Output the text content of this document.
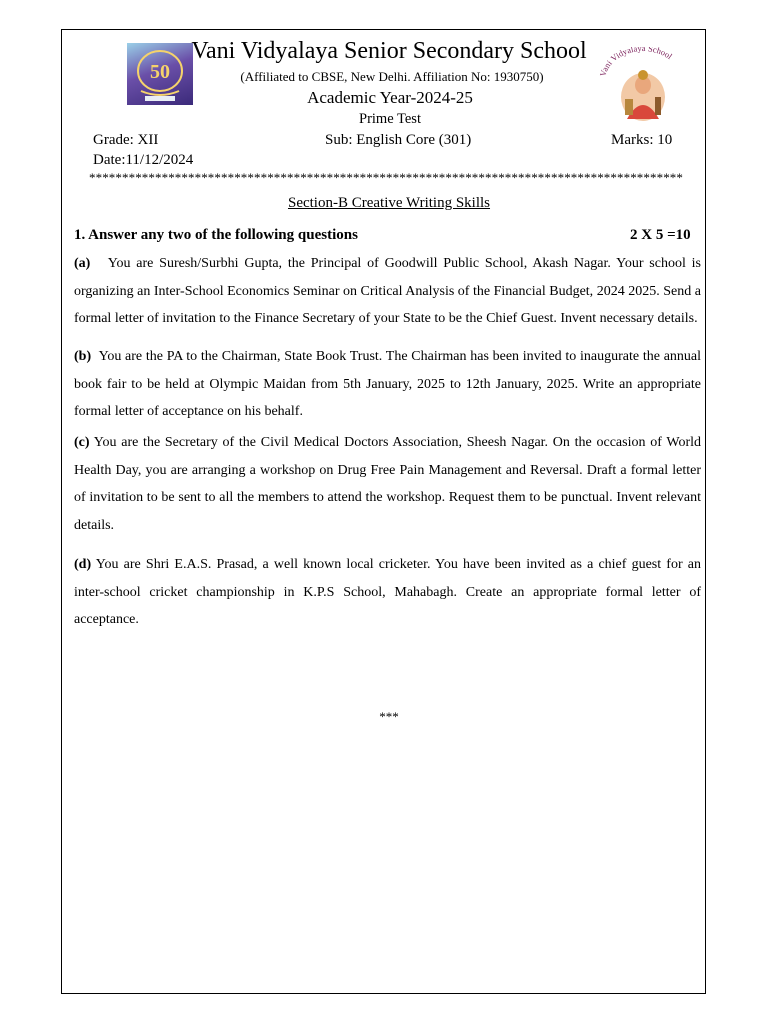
50	Vani Vidyalaya School
Vani Vidyalaya Senior Secondary School
(Affiliated to CBSE, New Delhi. Affiliation No: 1930750)
Academic Year-2024-25
Prime Test
Grade: XII	Sub: English Core (301)	Marks: 10
Date:11/12/2024
******************************************************************************************
Section-B Creative Writing Skills
1. Answer any two of the following questions	2 X 5 =10
(a) You are Suresh/Surbhi Gupta, the Principal of Goodwill Public School, Akash Nagar. Your school is organizing an Inter-School Economics Seminar on Critical Analysis of the Financial Budget, 2024 2025. Send a formal letter of invitation to the Finance Secretary of your State to be the Chief Guest. Invent necessary details.
(b) You are the PA to the Chairman, State Book Trust. The Chairman has been invited to inaugurate the annual book fair to be held at Olympic Maidan from 5th January, 2025 to 12th January, 2025. Write an appropriate formal letter of acceptance on his behalf.
(c) You are the Secretary of the Civil Medical Doctors Association, Sheesh Nagar. On the occasion of World Health Day, you are arranging a workshop on Drug Free Pain Management and Reversal. Draft a formal letter of invitation to be sent to all the members to attend the workshop. Request them to be punctual. Invent relevant details.
(d) You are Shri E.A.S. Prasad, a well known local cricketer. You have been invited as a chief guest for an inter-school cricket championship in K.P.S School, Mahabagh. Create an appropriate formal letter of acceptance.
***
